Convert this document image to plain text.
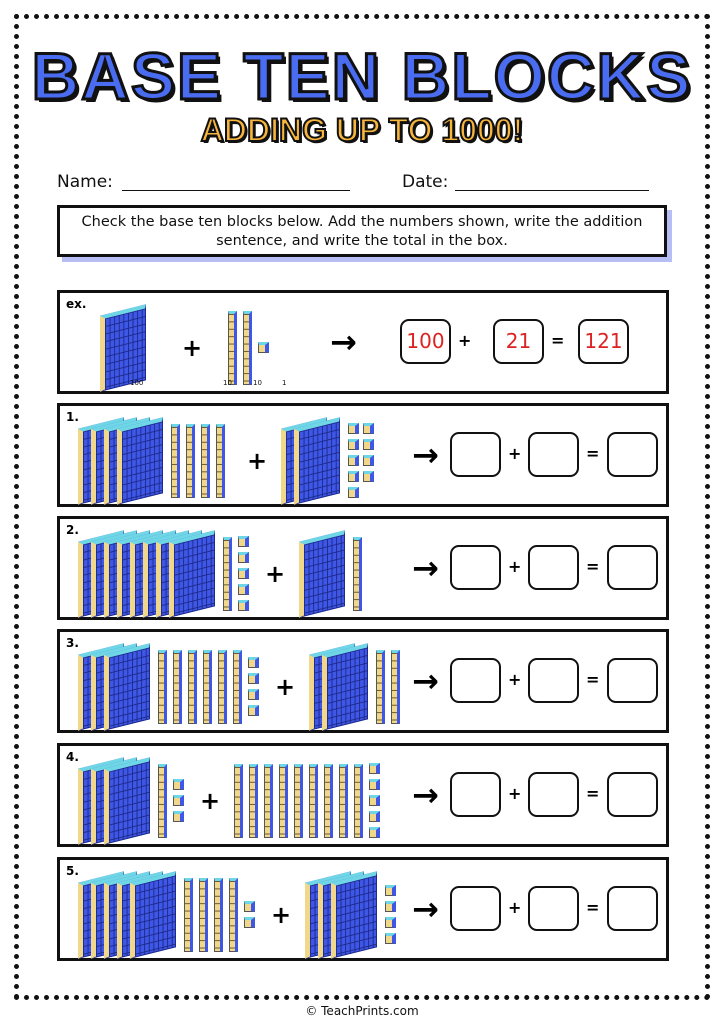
BASE TEN BLOCKS
ADDING UP TO 1000!
Name:	Date:
Check the base ten blocks below. Add the numbers shown, write the addition sentence, and write the total in the box.
ex.
+
100	10	10	1
→	100	21	121
+	=
1.
+	→	+	=
2.
+	→	+	=
3.
+	→	+	=
4.
+	→	+	=
5.
+	→	+	=
© TeachPrints.com
